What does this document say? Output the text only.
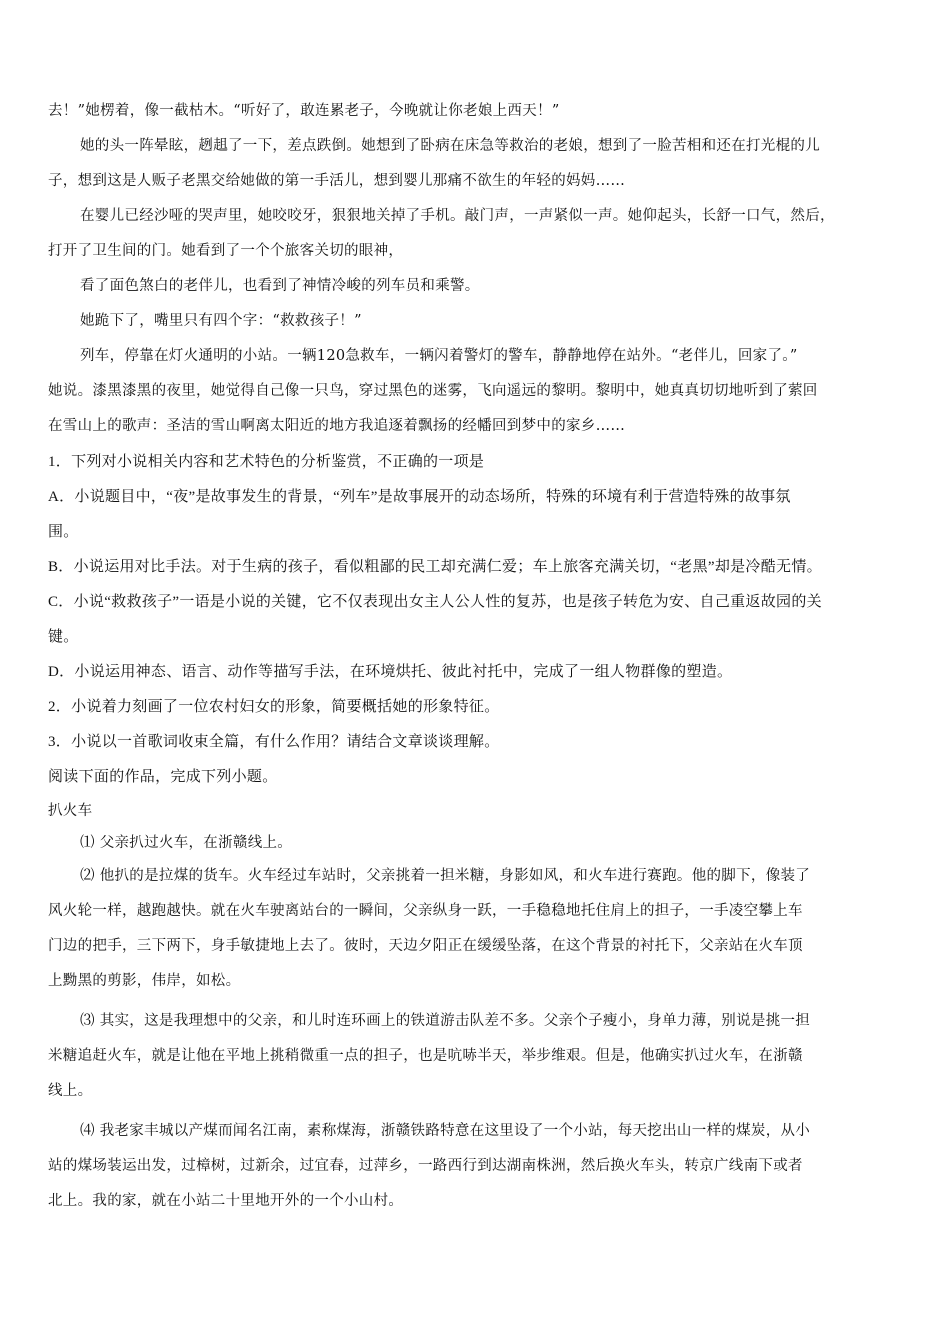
去！”她楞着，像一截枯木。“听好了，敢连累老子，今晚就让你老娘上西天！”
她的头一阵晕眩，趔趄了一下，差点跌倒。她想到了卧病在床急等救治的老娘，想到了一脸苦相和还在打光棍的儿
子，想到这是人贩子老黑交给她做的第一手活儿，想到婴儿那痛不欲生的年轻的妈妈……
在婴儿已经沙哑的哭声里，她咬咬牙，狠狠地关掉了手机。敲门声，一声紧似一声。她仰起头，长舒一口气，然后，
打开了卫生间的门。她看到了一个个旅客关切的眼神，
看了面色煞白的老伴儿，也看到了神情冷峻的列车员和乘警。
她跪下了，嘴里只有四个字：“救救孩子！”
列车，停靠在灯火通明的小站。一辆120急救车，一辆闪着警灯的警车，静静地停在站外。“老伴儿，回家了。”
她说。漆黑漆黑的夜里，她觉得自己像一只鸟，穿过黑色的迷雾，飞向遥远的黎明。黎明中，她真真切切地听到了萦回
在雪山上的歌声：圣洁的雪山啊离太阳近的地方我追逐着飘扬的经幡回到梦中的家乡……
1．下列对小说相关内容和艺术特色的分析鉴赏，不正确的一项是
A．小说题目中，“夜”是故事发生的背景，“列车”是故事展开的动态场所，特殊的环境有利于营造特殊的故事氛
围。
B．小说运用对比手法。对于生病的孩子，看似粗鄙的民工却充满仁爱；车上旅客充满关切，“老黑”却是冷酷无情。
C．小说“救救孩子”一语是小说的关键，它不仅表现出女主人公人性的复苏，也是孩子转危为安、自己重返故园的关
键。
D．小说运用神态、语言、动作等描写手法，在环境烘托、彼此衬托中，完成了一组人物群像的塑造。
2．小说着力刻画了一位农村妇女的形象，简要概括她的形象特征。
3．小说以一首歌词收束全篇，有什么作用？请结合文章谈谈理解。
阅读下面的作品，完成下列小题。
扒火车
⑴ 父亲扒过火车，在浙赣线上。
⑵ 他扒的是拉煤的货车。火车经过车站时，父亲挑着一担米糖，身影如风，和火车进行赛跑。他的脚下，像装了
风火轮一样，越跑越快。就在火车驶离站台的一瞬间，父亲纵身一跃，一手稳稳地托住肩上的担子，一手凌空攀上车
门边的把手，三下两下，身手敏捷地上去了。彼时，天边夕阳正在缓缓坠落，在这个背景的衬托下，父亲站在火车顶
上黝黑的剪影，伟岸，如松。
⑶ 其实，这是我理想中的父亲，和儿时连环画上的铁道游击队差不多。父亲个子瘦小，身单力薄，别说是挑一担
米糖追赶火车，就是让他在平地上挑稍微重一点的担子，也是吭哧半天，举步维艰。但是，他确实扒过火车，在浙赣
线上。
⑷ 我老家丰城以产煤而闻名江南，素称煤海，浙赣铁路特意在这里设了一个小站，每天挖出山一样的煤炭，从小
站的煤场装运出发，过樟树，过新余，过宜春，过萍乡，一路西行到达湖南株洲，然后换火车头，转京广线南下或者
北上。我的家，就在小站二十里地开外的一个小山村。
